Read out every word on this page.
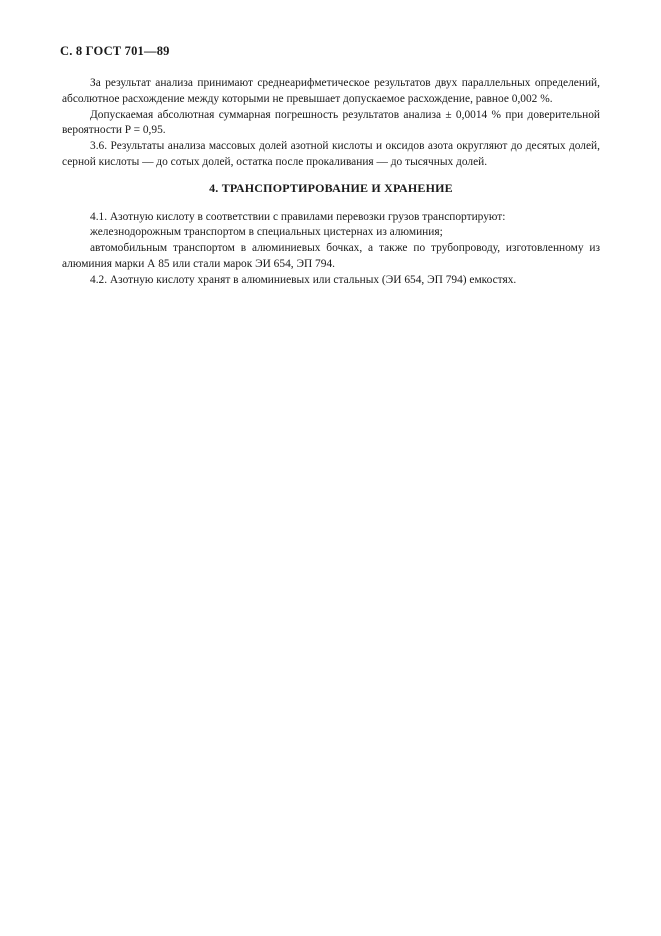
С. 8 ГОСТ 701—89

За результат анализа принимают среднеарифметическое результатов двух параллельных определений, абсолютное расхождение между которыми не превышает допускаемое расхождение, равное 0,002 %.

Допускаемая абсолютная суммарная погрешность результатов анализа ± 0,0014 % при доверительной вероятности P = 0,95.

3.6. Результаты анализа массовых долей азотной кислоты и оксидов азота округляют до десятых долей, серной кислоты — до сотых долей, остатка после прокаливания — до тысячных долей.

4. ТРАНСПОРТИРОВАНИЕ И ХРАНЕНИЕ

4.1. Азотную кислоту в соответствии с правилами перевозки грузов транспортируют:

железнодорожным транспортом в специальных цистернах из алюминия;

автомобильным транспортом в алюминиевых бочках, а также по трубопроводу, изготовленному из алюминия марки А 85 или стали марок ЭИ 654, ЭП 794.

4.2. Азотную кислоту хранят в алюминиевых или стальных (ЭИ 654, ЭП 794) емкостях.
